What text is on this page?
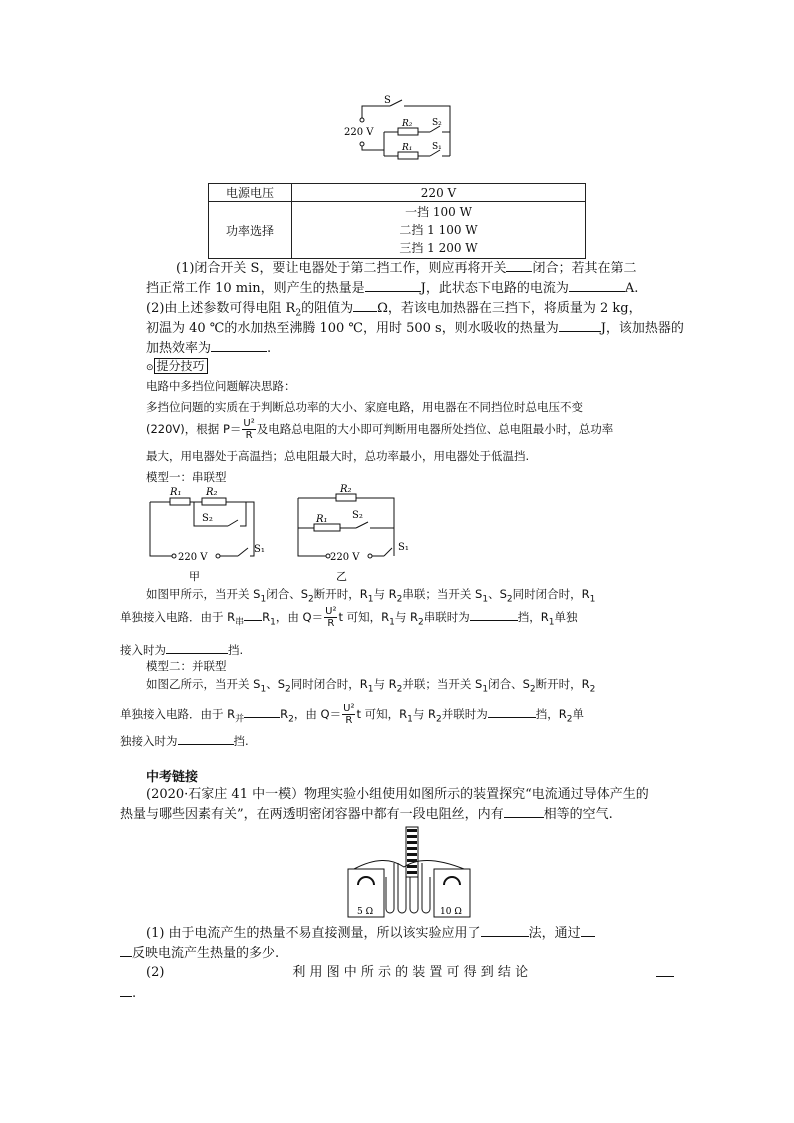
S
220 V
R₂ S₂
R₁ S₁
电源电压	220 V
功率选择	一挡 100 W
二挡 1 100 W
三挡 1 200 W
(1)闭合开关 S，要让电器处于第二挡工作，则应再将开关 闭合；若其在第二
挡正常工作 10 min，则产生的热量是	J，此状态下电路的电流为	A.
(2)由上述参数可得电阻 $R_2$的阻值为 Ω，若该电加热器在三挡下，将质量为 2 kg，
初温为 40 ℃的水加热至沸腾 100 ℃，用时 500 s，则水吸收的热量为	J，该加热器的
加热效率为	.
⊙ 提分技巧
电路中多挡位问题解决思路：
多挡位问题的实质在于判断总功率的大小、家庭电路，用电器在不同挡位时总电压不变
(220V)，根据 $P= \frac{\text{U²}}{R}$ 及电路总电阻的大小即可判断用电器所处挡位、总电阻最小时，总功率
最大，用电器处于高温挡；总电阻最大时，总功率最小，用电器处于低温挡.
模型一：串联型
R₁ R₂
S₂
220 V
S₁
甲
R₂
R₁ S₂
220 V
S₁
乙
如图甲所示，当开关 $S_1$闭合、$S_2$断开时，$R_1$与 $R_2$串联；当开关 $S_1$、$S_2$同时闭合时，$R_1$
单独接入电路．由于 $R_串$ $R_1$，由 $Q= \frac{\text{U²}}{R}$ t 可知，$R_1$与 $R_2$串联时为	挡，$R_1$单独
接入时为	挡.
模型二：并联型
如图乙所示，当开关 $S_1$、$S_2$同时闭合时，$R_1$与 $R_2$并联；当开关 $S_1$闭合、$S_2$断开时，$R_2$
单独接入电路．由于 $R_并$	$R_2$，由 $Q= \frac{\text{U²}}{R}$ t 可知，$R_1$与 $R_2$并联时为	挡，$R_2$单
独接入时为	挡.
中考链接
(2020·石家庄 41 中一模）物理实验小组使用如图所示的装置探究“电流通过导体产生的
热量与哪些因素有关”，在两透明密闭容器中都有一段电阻丝，内有	相等的空气.
5 Ω	10 Ω
(1) 由于电流产生的热量不易直接测量，所以该实验应用了	法，通过
反映电流产生热量的多少.
(2)	利 用 图 中 所 示 的 装 置 可 得 到 结 论
.
